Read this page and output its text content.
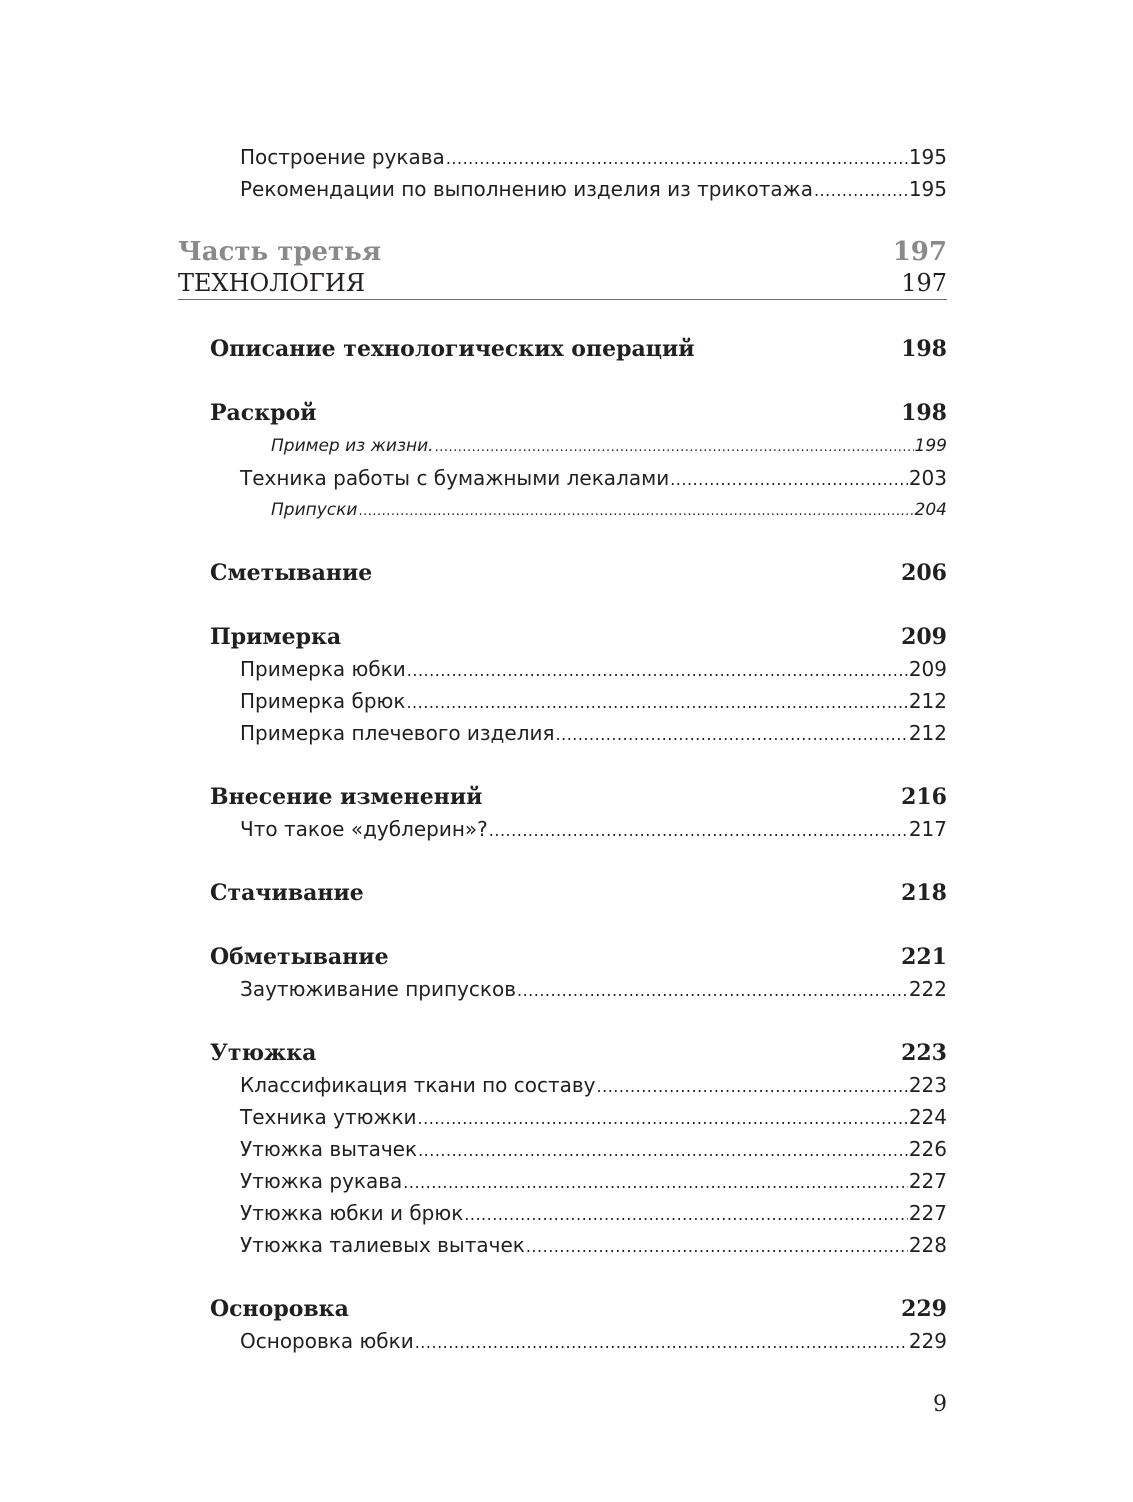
Построение рукава .....	195
Рекомендации по выполнению изделия из трикотажа .....	195
Часть третья	197
ТЕХНОЛОГИЯ	197
Описание технологических операций	198
Раскрой	198
Пример из жизни. .....	199
Техника работы с бумажными лекалами .....	203
Припуски .....	204
Сметывание	206
Примерка	209
Примерка юбки .....	209
Примерка брюк .....	212
Примерка плечевого изделия .....	212
Внесение изменений	216
Что такое «дублерин»? .....	217
Стачивание	218
Обметывание	221
Заутюживание припусков .....	222
Утюжка	223
Классификация ткани по составу .....	223
Техника утюжки .....	224
Утюжка вытачек .....	226
Утюжка рукава .....	227
Утюжка юбки и брюк .....	227
Утюжка талиевых вытачек .....	228
Осноровка	229
Осноровка юбки .....	229
9
